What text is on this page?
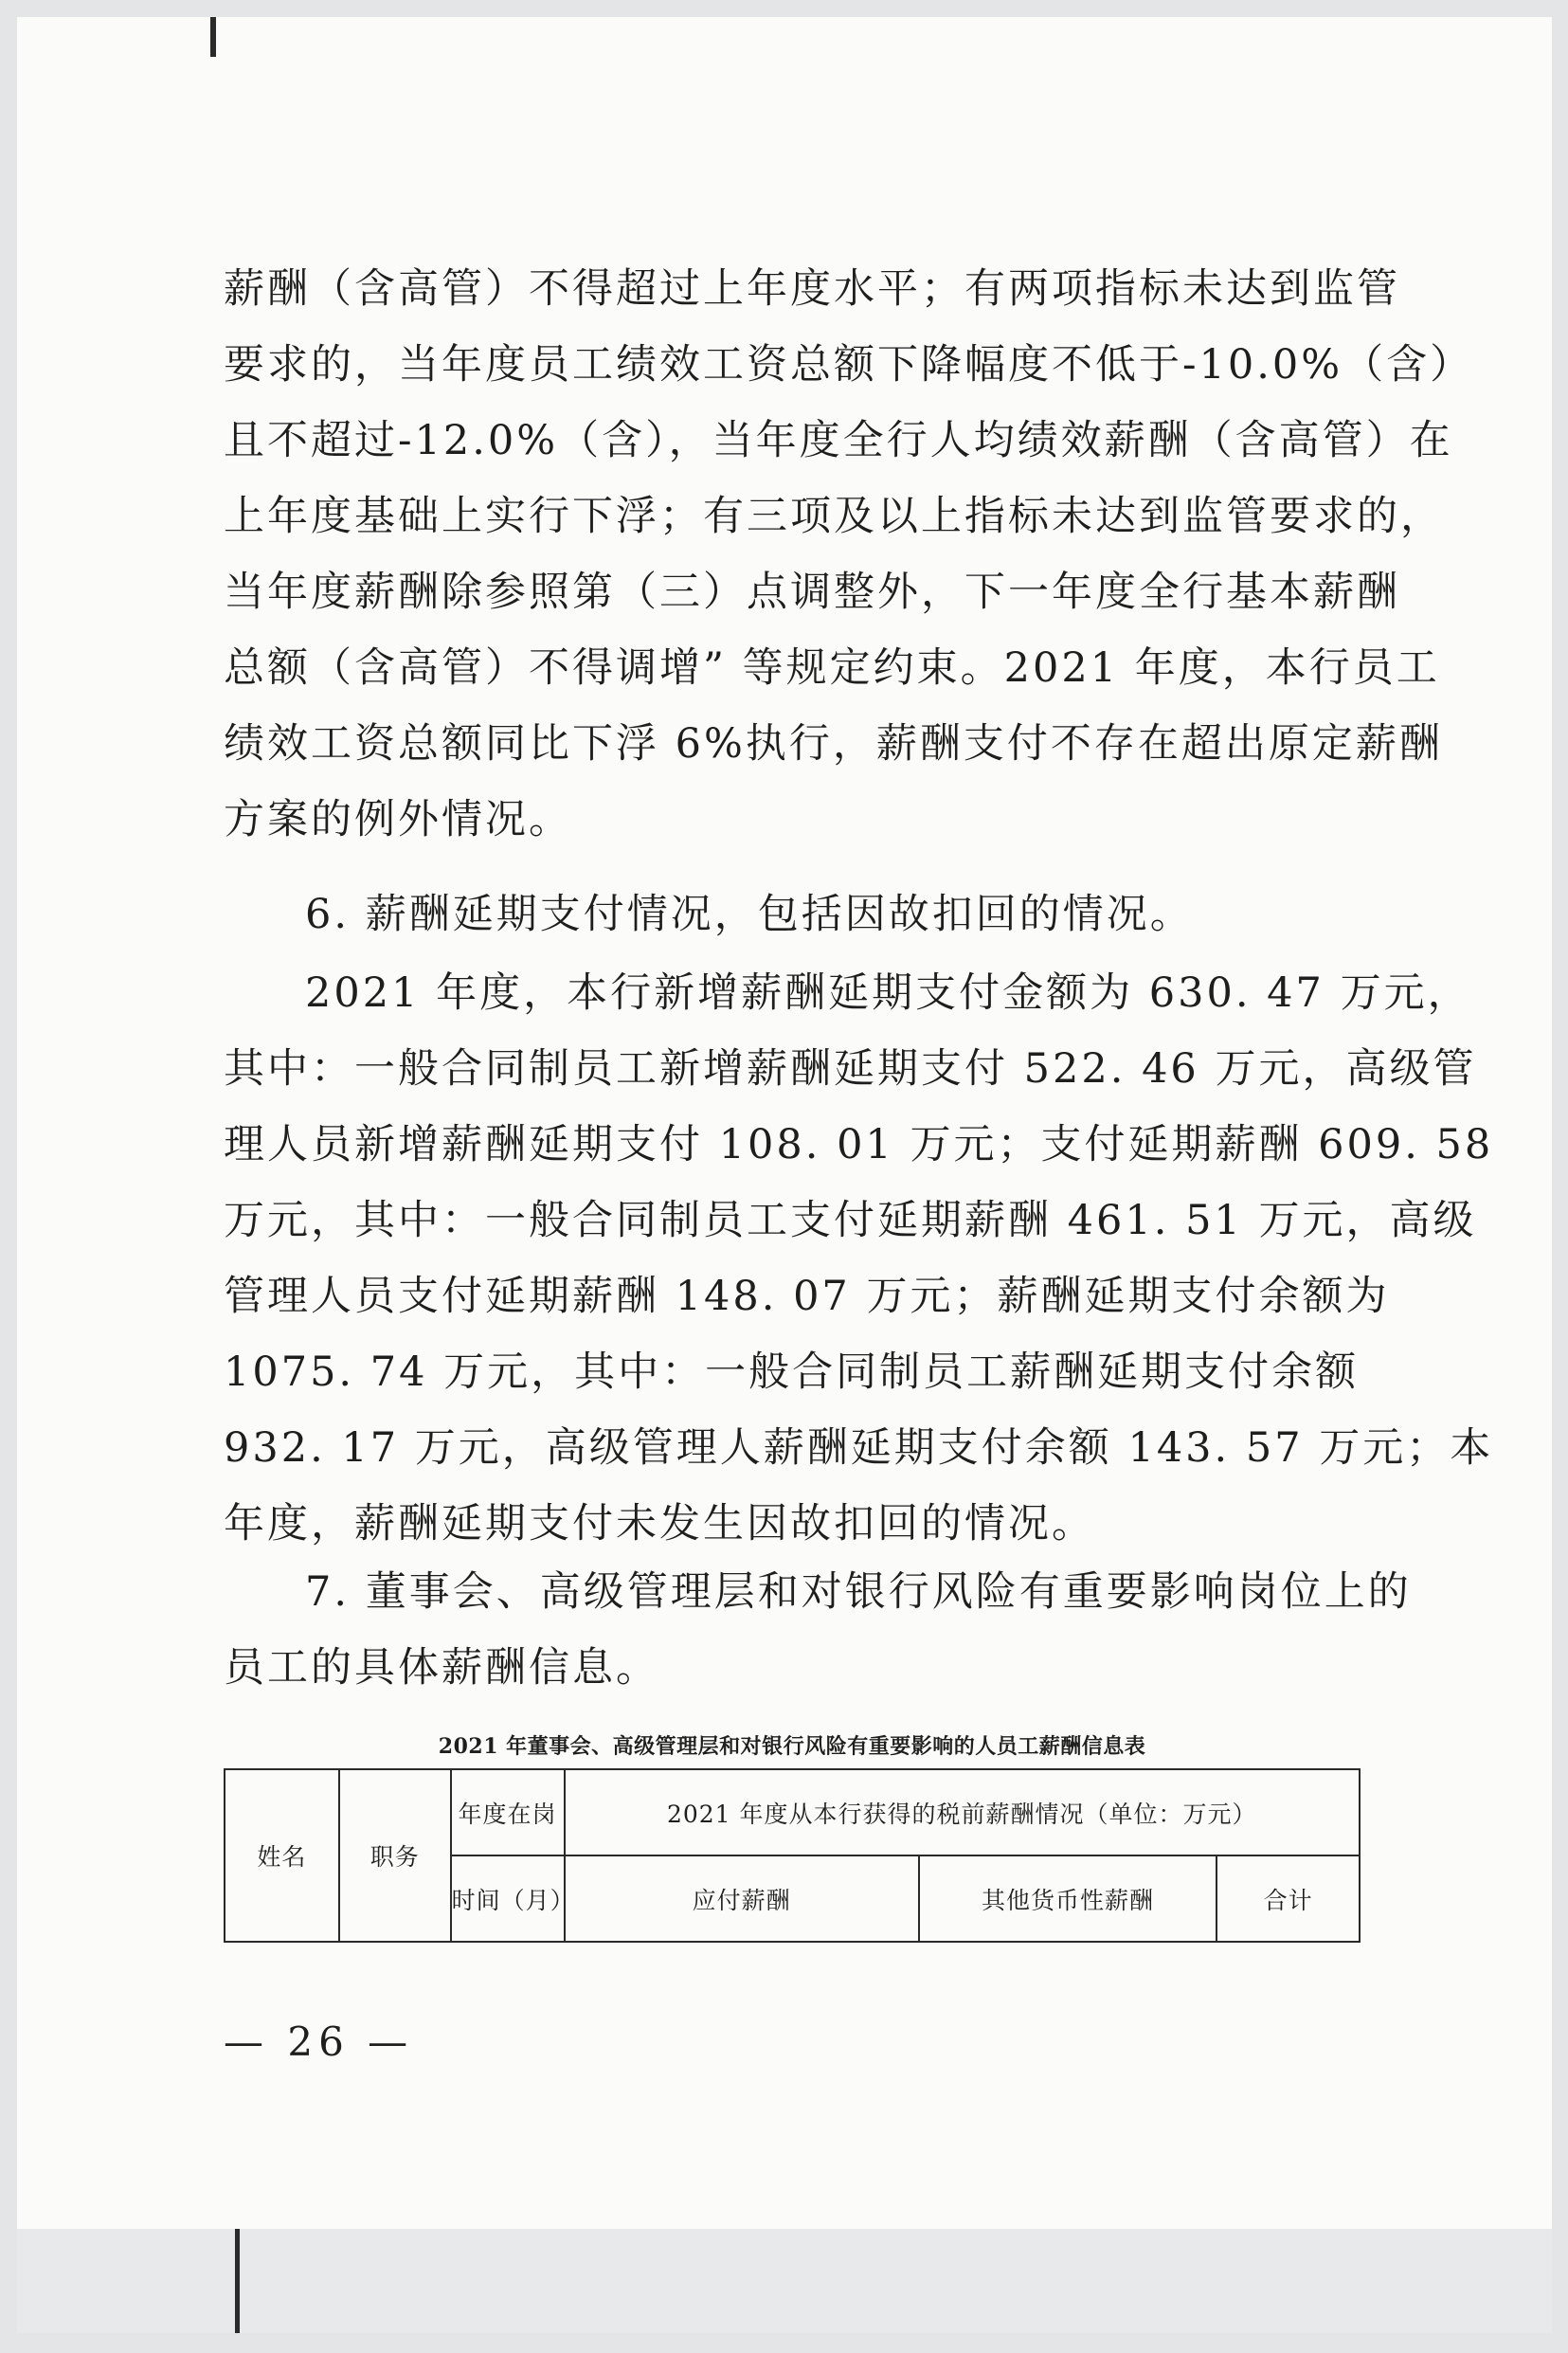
薪酬（含高管）不得超过上年度水平；有两项指标未达到监管
要求的，当年度员工绩效工资总额下降幅度不低于-10.0%（含）
且不超过-12.0%（含），当年度全行人均绩效薪酬（含高管）在
上年度基础上实行下浮；有三项及以上指标未达到监管要求的，
当年度薪酬除参照第（三）点调整外，下一年度全行基本薪酬
总额（含高管）不得调增” 等规定约束。2021 年度，本行员工
绩效工资总额同比下浮 6%执行，薪酬支付不存在超出原定薪酬
方案的例外情况。
6. 薪酬延期支付情况，包括因故扣回的情况。
2021 年度，本行新增薪酬延期支付金额为 630. 47 万元，
其中：一般合同制员工新增薪酬延期支付 522. 46 万元，高级管
理人员新增薪酬延期支付 108. 01 万元；支付延期薪酬 609. 58
万元，其中：一般合同制员工支付延期薪酬 461. 51 万元，高级
管理人员支付延期薪酬 148. 07 万元；薪酬延期支付余额为
1075. 74 万元，其中：一般合同制员工薪酬延期支付余额
932. 17 万元，高级管理人薪酬延期支付余额 143. 57 万元；本
年度，薪酬延期支付未发生因故扣回的情况。
7. 董事会、高级管理层和对银行风险有重要影响岗位上的
员工的具体薪酬信息。
2021 年董事会、高级管理层和对银行风险有重要影响的人员工薪酬信息表
姓名	职务	年度在岗	2021 年度从本行获得的税前薪酬情况（单位：万元）		
		时间（月）	应付薪酬	其他货币性薪酬	合计
— 26 —
